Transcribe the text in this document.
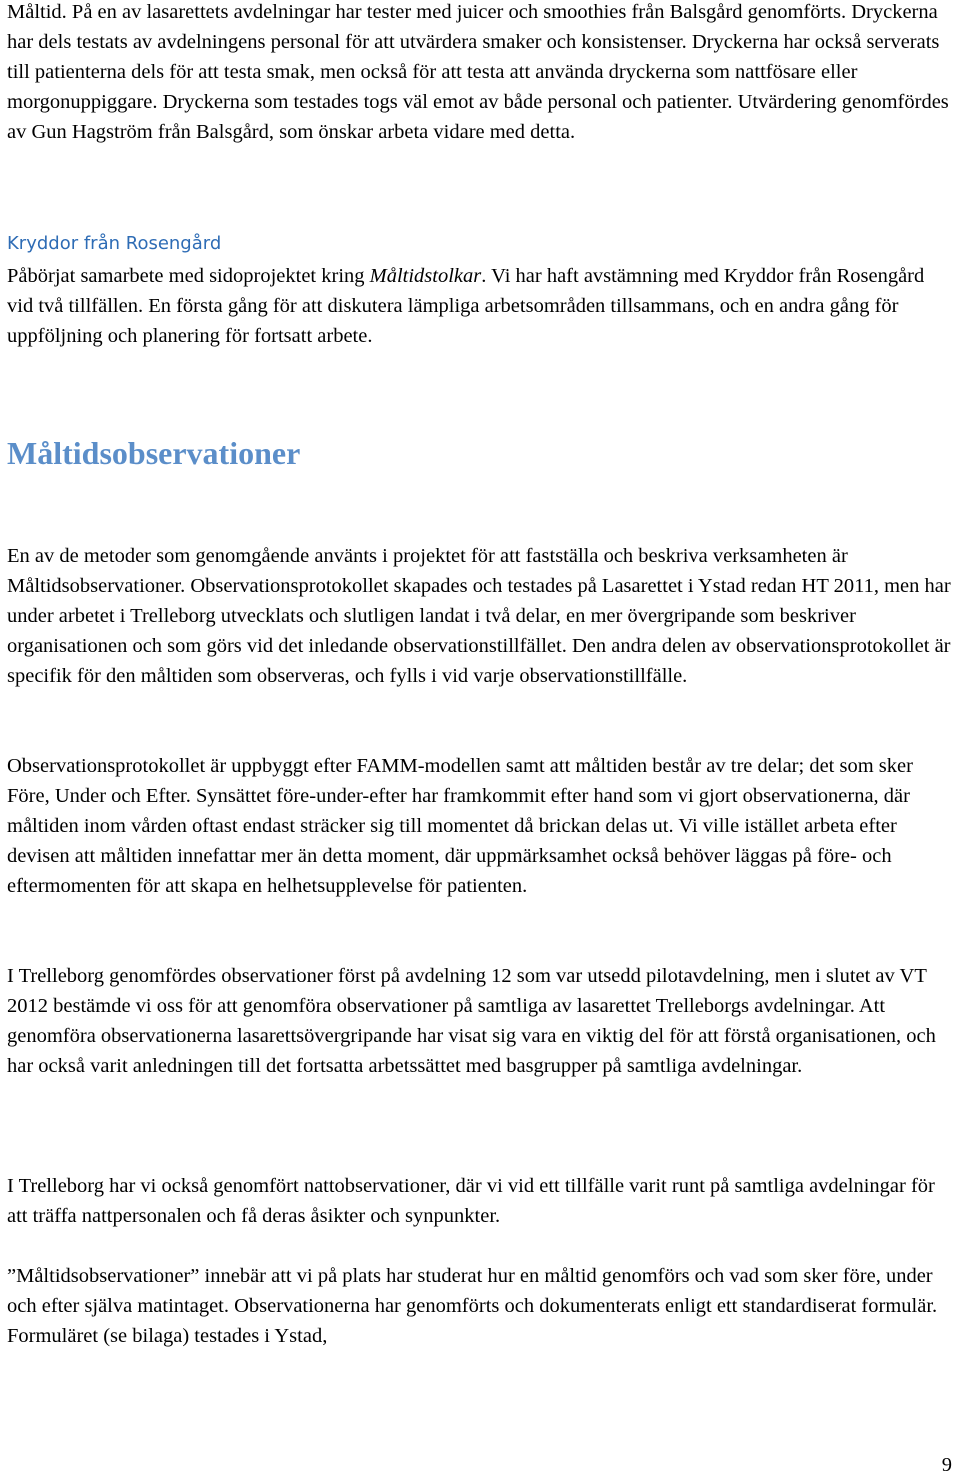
Måltid. På en av lasarettets avdelningar har tester med juicer och smoothies från Balsgård genomförts. Dryckerna har dels testats av avdelningens personal för att utvärdera smaker och konsistenser. Dryckerna har också serverats till patienterna dels för att testa smak, men också för att testa att använda dryckerna som nattfösare eller morgonuppiggare. Dryckerna som testades togs väl emot av både personal och patienter. Utvärdering genomfördes av Gun Hagström från Balsgård, som önskar arbeta vidare med detta.

Kryddor från Rosengård

Påbörjat samarbete med sidoprojektet kring Måltidstolkar. Vi har haft avstämning med Kryddor från Rosengård vid två tillfällen. En första gång för att diskutera lämpliga arbetsområden tillsammans, och en andra gång för uppföljning och planering för fortsatt arbete.

Måltidsobservationer

En av de metoder som genomgående använts i projektet för att fastställa och beskriva verksamheten är Måltidsobservationer. Observationsprotokollet skapades och testades på Lasarettet i Ystad redan HT 2011, men har under arbetet i Trelleborg utvecklats och slutligen landat i två delar, en mer övergripande som beskriver organisationen och som görs vid det inledande observationstillfället. Den andra delen av observationsprotokollet är specifik för den måltiden som observeras, och fylls i vid varje observationstillfälle.

Observationsprotokollet är uppbyggt efter FAMM-modellen samt att måltiden består av tre delar; det som sker Före, Under och Efter. Synsättet före-under-efter har framkommit efter hand som vi gjort observationerna, där måltiden inom vården oftast endast sträcker sig till momentet då brickan delas ut. Vi ville istället arbeta efter devisen att måltiden innefattar mer än detta moment, där uppmärksamhet också behöver läggas på före- och eftermomenten för att skapa en helhetsupplevelse för patienten.

I Trelleborg genomfördes observationer först på avdelning 12 som var utsedd pilotavdelning, men i slutet av VT 2012 bestämde vi oss för att genomföra observationer på samtliga av lasarettet Trelleborgs avdelningar. Att genomföra observationerna lasarettsövergripande har visat sig vara en viktig del för att förstå organisationen, och har också varit anledningen till det fortsatta arbetssättet med basgrupper på samtliga avdelningar.

I Trelleborg har vi också genomfört nattobservationer, där vi vid ett tillfälle varit runt på samtliga avdelningar för att träffa nattpersonalen och få deras åsikter och synpunkter.

”Måltidsobservationer” innebär att vi på plats har studerat hur en måltid genomförs och vad som sker före, under och efter själva matintaget. Observationerna har genomförts och dokumenterats enligt ett standardiserat formulär. Formuläret (se bilaga) testades i Ystad,

9
